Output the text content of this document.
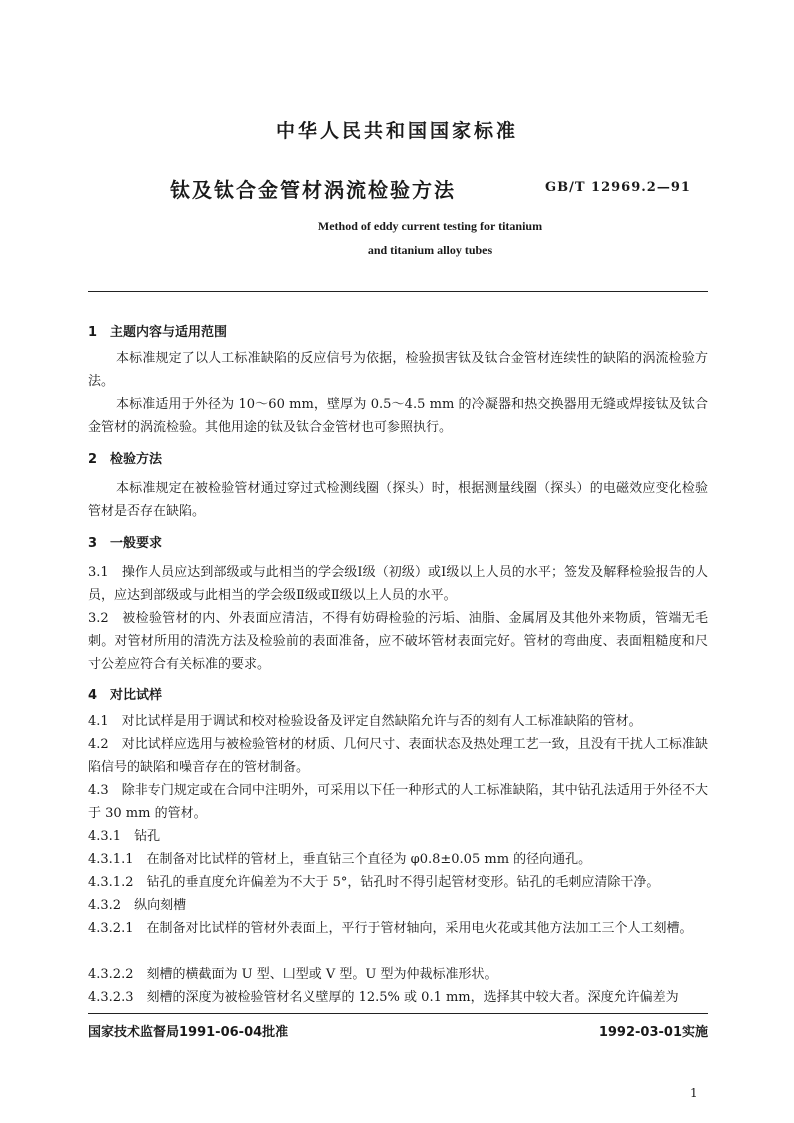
中华人民共和国国家标准
钛及钛合金管材涡流检验方法	GB/T 12969.2—91
Method of eddy current testing for titanium
and titanium alloy tubes
1　主题内容与适用范围
本标准规定了以人工标准缺陷的反应信号为依据，检验损害钛及钛合金管材连续性的缺陷的涡流检验方法。
本标准适用于外径为 10～60 mm，壁厚为 0.5～4.5 mm 的冷凝器和热交换器用无缝或焊接钛及钛合金管材的涡流检验。其他用途的钛及钛合金管材也可参照执行。
2　检验方法
本标准规定在被检验管材通过穿过式检测线圈（探头）时，根据测量线圈（探头）的电磁效应变化检验管材是否存在缺陷。
3　一般要求
3.1　操作人员应达到部级或与此相当的学会级Ⅰ级（初级）或Ⅰ级以上人员的水平；签发及解释检验报告的人员，应达到部级或与此相当的学会级Ⅱ级或Ⅱ级以上人员的水平。
3.2　被检验管材的内、外表面应清洁，不得有妨碍检验的污垢、油脂、金属屑及其他外来物质，管端无毛刺。对管材所用的清洗方法及检验前的表面准备，应不破坏管材表面完好。管材的弯曲度、表面粗糙度和尺寸公差应符合有关标准的要求。
4　对比试样
4.1　对比试样是用于调试和校对检验设备及评定自然缺陷允许与否的刻有人工标准缺陷的管材。
4.2　对比试样应选用与被检验管材的材质、几何尺寸、表面状态及热处理工艺一致，且没有干扰人工标准缺陷信号的缺陷和噪音存在的管材制备。
4.3　除非专门规定或在合同中注明外，可采用以下任一种形式的人工标准缺陷，其中钻孔法适用于外径不大于 30 mm 的管材。
4.3.1　钻孔
4.3.1.1　在制备对比试样的管材上，垂直钻三个直径为 φ0.8±0.05 mm 的径向通孔。
4.3.1.2　钻孔的垂直度允许偏差为不大于 5°，钻孔时不得引起管材变形。钻孔的毛刺应清除干净。
4.3.2　纵向刻槽
4.3.2.1　在制备对比试样的管材外表面上，平行于管材轴向，采用电火花或其他方法加工三个人工刻槽。
4.3.2.2　刻槽的横截面为 U 型、凵型或 V 型。U 型为仲裁标准形状。
4.3.2.3　刻槽的深度为被检验管材名义壁厚的 12.5% 或 0.1 mm，选择其中较大者。深度允许偏差为
国家技术监督局1991-06-04批准	1992-03-01实施
1
